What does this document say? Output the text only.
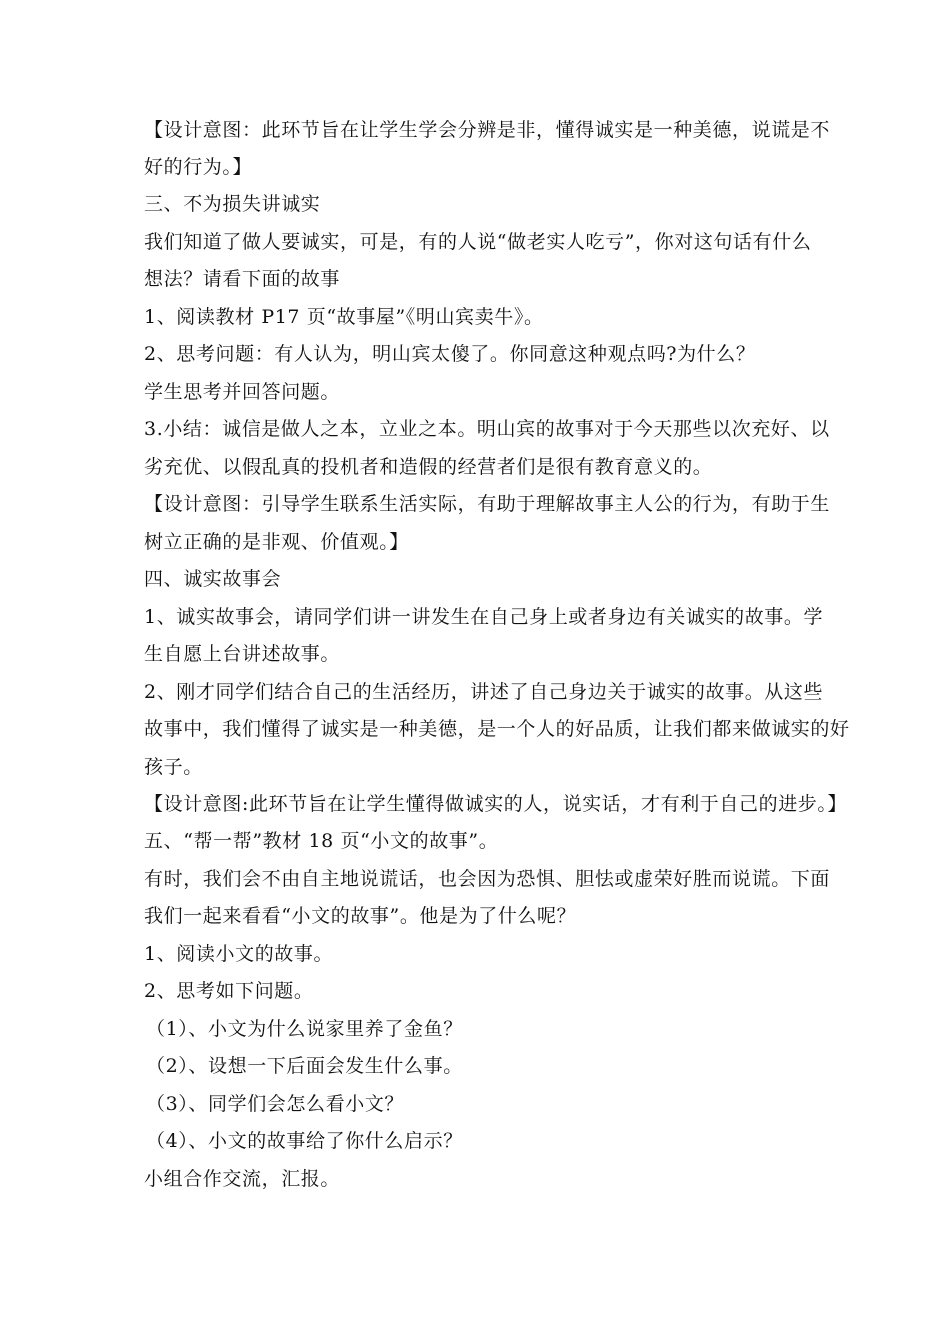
【设计意图：此环节旨在让学生学会分辨是非，懂得诚实是一种美德，说谎是不
好的行为。】
三、不为损失讲诚实
我们知道了做人要诚实，可是，有的人说“做老实人吃亏”，你对这句话有什么
想法？请看下面的故事
1、阅读教材 P17 页“故事屋”《明山宾卖牛》。
2、思考问题：有人认为，明山宾太傻了。你同意这种观点吗?为什么？
学生思考并回答问题。
3.小结：诚信是做人之本，立业之本。明山宾的故事对于今天那些以次充好、以
劣充优、以假乱真的投机者和造假的经营者们是很有教育意义的。
【设计意图：引导学生联系生活实际，有助于理解故事主人公的行为，有助于生
树立正确的是非观、价值观。】
四、诚实故事会
1、诚实故事会，请同学们讲一讲发生在自己身上或者身边有关诚实的故事。学
生自愿上台讲述故事。
2、刚才同学们结合自己的生活经历，讲述了自己身边关于诚实的故事。从这些
故事中，我们懂得了诚实是一种美德，是一个人的好品质，让我们都来做诚实的好
孩子。
【设计意图:此环节旨在让学生懂得做诚实的人，说实话，才有利于自己的进步。】
五、“帮一帮”教材 18 页“小文的故事”。
有时，我们会不由自主地说谎话，也会因为恐惧、胆怯或虚荣好胜而说谎。下面
我们一起来看看“小文的故事”。他是为了什么呢？
1、阅读小文的故事。
2、思考如下问题。
（1）、小文为什么说家里养了金鱼？
（2）、设想一下后面会发生什么事。
（3）、同学们会怎么看小文？
（4）、小文的故事给了你什么启示？
小组合作交流，汇报。
